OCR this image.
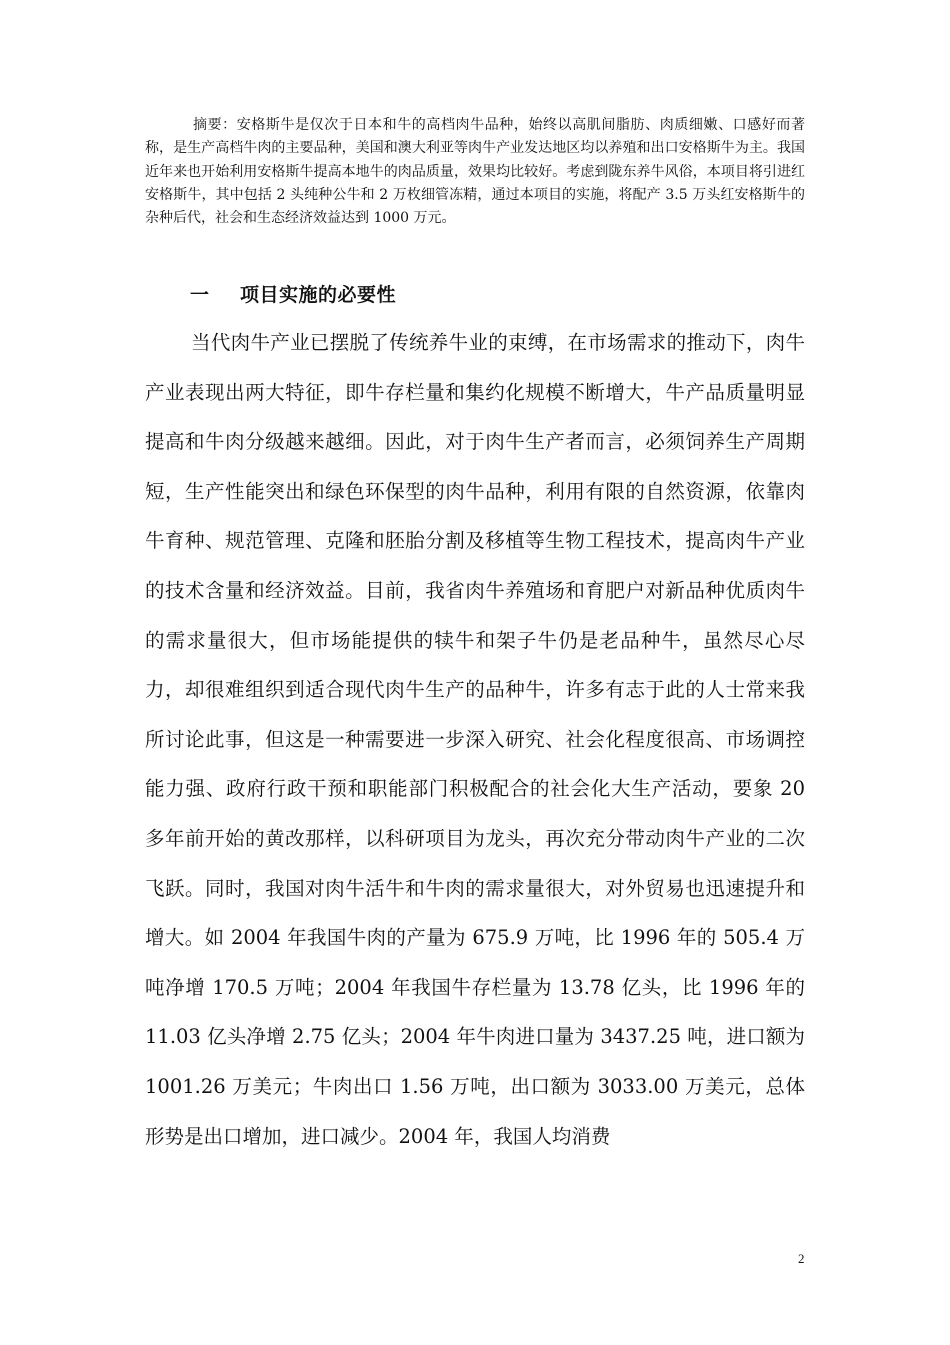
摘要：安格斯牛是仅次于日本和牛的高档肉牛品种，始终以高肌间脂肪、肉质细嫩、口感好而著称，是生产高档牛肉的主要品种，美国和澳大利亚等肉牛产业发达地区均以养殖和出口安格斯牛为主。我国近年来也开始利用安格斯牛提高本地牛的肉品质量，效果均比较好。考虑到陇东养牛风俗，本项目将引进红安格斯牛，其中包括 2 头纯种公牛和 2 万枚细管冻精，通过本项目的实施，将配产 3.5 万头红安格斯牛的杂种后代，社会和生态经济效益达到 1000 万元。
一 项目实施的必要性
当代肉牛产业已摆脱了传统养牛业的束缚，在市场需求的推动下，肉牛产业表现出两大特征，即牛存栏量和集约化规模不断增大，牛产品质量明显提高和牛肉分级越来越细。因此，对于肉牛生产者而言，必须饲养生产周期短，生产性能突出和绿色环保型的肉牛品种，利用有限的自然资源，依靠肉牛育种、规范管理、克隆和胚胎分割及移植等生物工程技术，提高肉牛产业的技术含量和经济效益。目前，我省肉牛养殖场和育肥户对新品种优质肉牛的需求量很大，但市场能提供的犊牛和架子牛仍是老品种牛，虽然尽心尽力，却很难组织到适合现代肉牛生产的品种牛，许多有志于此的人士常来我所讨论此事，但这是一种需要进一步深入研究、社会化程度很高、市场调控能力强、政府行政干预和职能部门积极配合的社会化大生产活动，要象 20 多年前开始的黄改那样，以科研项目为龙头，再次充分带动肉牛产业的二次飞跃。同时，我国对肉牛活牛和牛肉的需求量很大，对外贸易也迅速提升和增大。如 2004 年我国牛肉的产量为 675.9 万吨，比 1996 年的 505.4 万吨净增 170.5 万吨；2004 年我国牛存栏量为 13.78 亿头，比 1996 年的 11.03 亿头净增 2.75 亿头；2004 年牛肉进口量为 3437.25 吨，进口额为 1001.26 万美元；牛肉出口 1.56 万吨，出口额为 3033.00 万美元，总体形势是出口增加，进口减少。2004 年，我国人均消费
2
